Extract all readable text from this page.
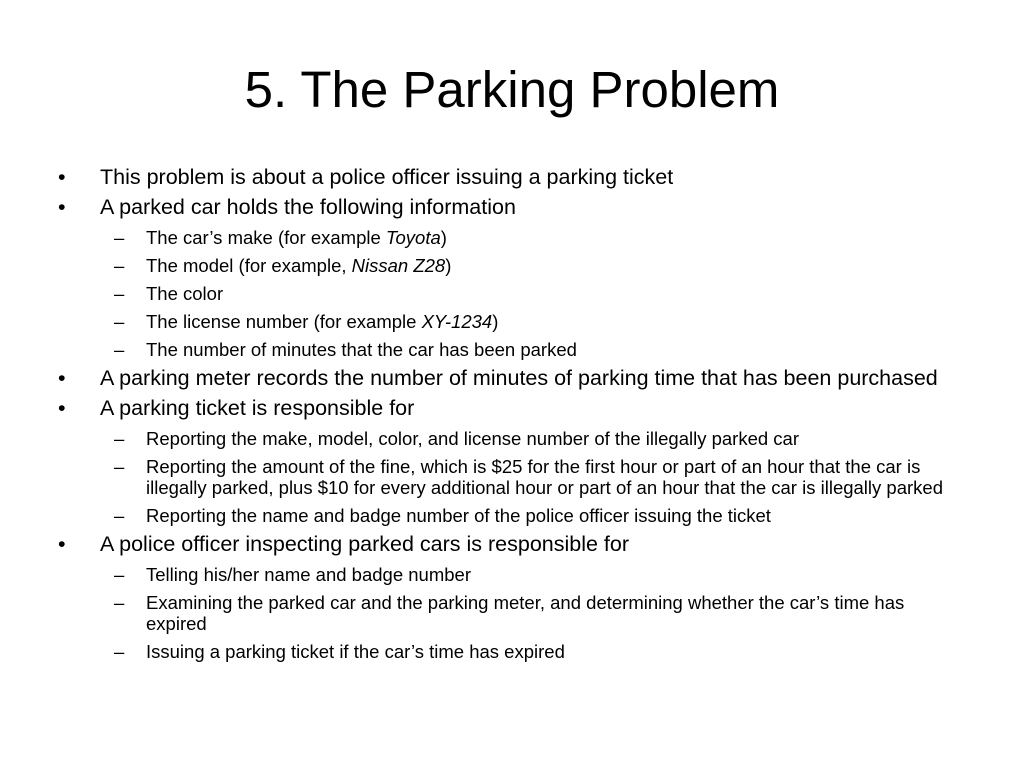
5. The Parking Problem
•	This problem is about a police officer issuing a parking ticket
•	A parked car holds the following information
–	The car’s make (for example Toyota)
–	The model (for example, Nissan Z28)
–	The color
–	The license number (for example XY-1234)
–	The number of minutes that the car has been parked
•	A parking meter records the number of minutes of parking time that has been purchased
•	A parking ticket is responsible for
–	Reporting the make, model, color, and license number of the illegally parked car
–	Reporting the amount of the fine, which is $25 for the first hour or part of an hour that the car is illegally parked, plus $10 for every additional hour or part of an hour that the car is illegally parked
–	Reporting the name and badge number of the police officer issuing the ticket
•	A police officer inspecting parked cars is responsible for
–	Telling his/her name and badge number
–	Examining the parked car and the parking meter, and determining whether the car’s time has expired
–	Issuing a parking ticket if the car’s time has expired
